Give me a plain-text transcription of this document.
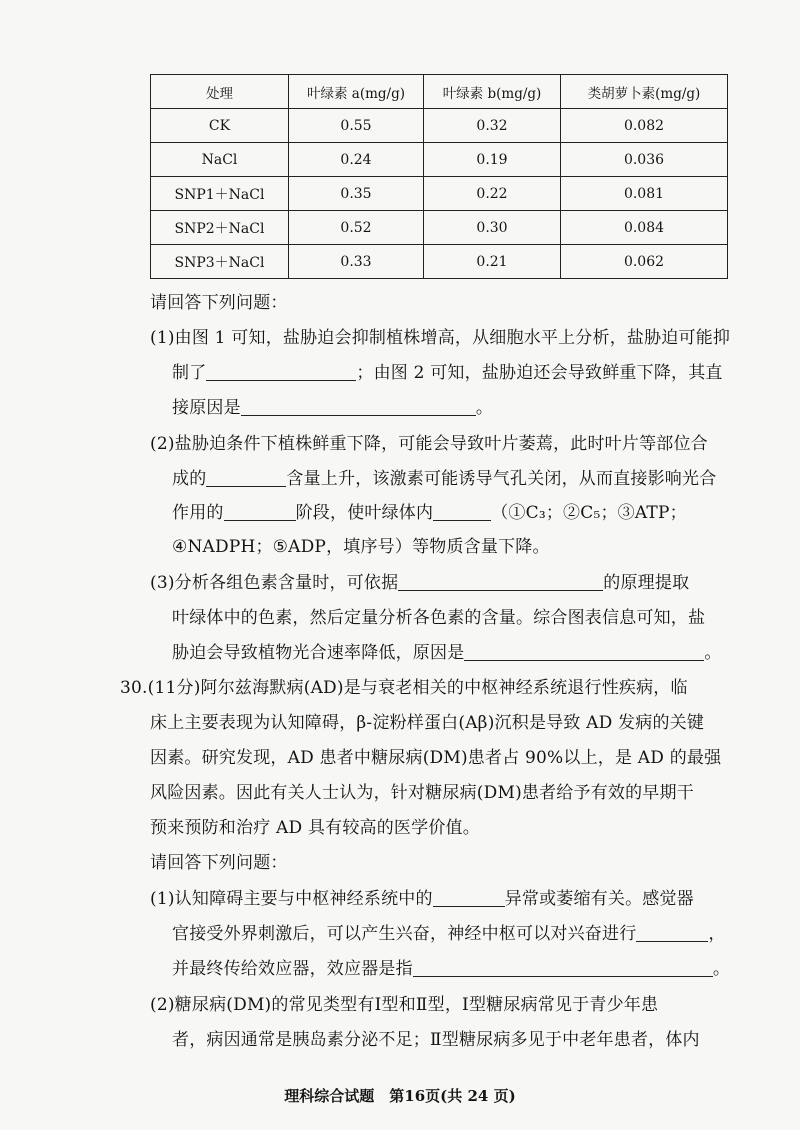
处理	叶绿素 a(mg/g)	叶绿素 b(mg/g)	类胡萝卜素(mg/g)
CK	0.55	0.32	0.082
NaCl	0.24	0.19	0.036
SNP1＋NaCl	0.35	0.22	0.081
SNP2＋NaCl	0.52	0.30	0.084
SNP3＋NaCl	0.33	0.21	0.062
请回答下列问题：
(1)由图 1 可知，盐胁迫会抑制植株增高，从细胞水平上分析，盐胁迫可能抑
制了	；由图 2 可知，盐胁迫还会导致鲜重下降，其直
接原因是	。
(2)盐胁迫条件下植株鲜重下降，可能会导致叶片萎蔫，此时叶片等部位合
成的	含量上升，该激素可能诱导气孔关闭，从而直接影响光合
作用的	阶段，使叶绿体内	（①C₃；②C₅；③ATP；
④NADPH；⑤ADP，填序号）等物质含量下降。
(3)分析各组色素含量时，可依据	的原理提取
叶绿体中的色素，然后定量分析各色素的含量。综合图表信息可知，盐
胁迫会导致植物光合速率降低，原因是	。
30.(11分)阿尔兹海默病(AD)是与衰老相关的中枢神经系统退行性疾病，临
床上主要表现为认知障碍，β-淀粉样蛋白(Aβ)沉积是导致 AD 发病的关键
因素。研究发现，AD 患者中糖尿病(DM)患者占 90%以上，是 AD 的最强
风险因素。因此有关人士认为，针对糖尿病(DM)患者给予有效的早期干
预来预防和治疗 AD 具有较高的医学价值。
请回答下列问题：
(1)认知障碍主要与中枢神经系统中的	异常或萎缩有关。感觉器
官接受外界刺激后，可以产生兴奋，神经中枢可以对兴奋进行	，
并最终传给效应器，效应器是指	。
(2)糖尿病(DM)的常见类型有Ⅰ型和Ⅱ型，Ⅰ型糖尿病常见于青少年患
者，病因通常是胰岛素分泌不足；Ⅱ型糖尿病多见于中老年患者，体内
理科综合试题　第16页(共 24 页)
